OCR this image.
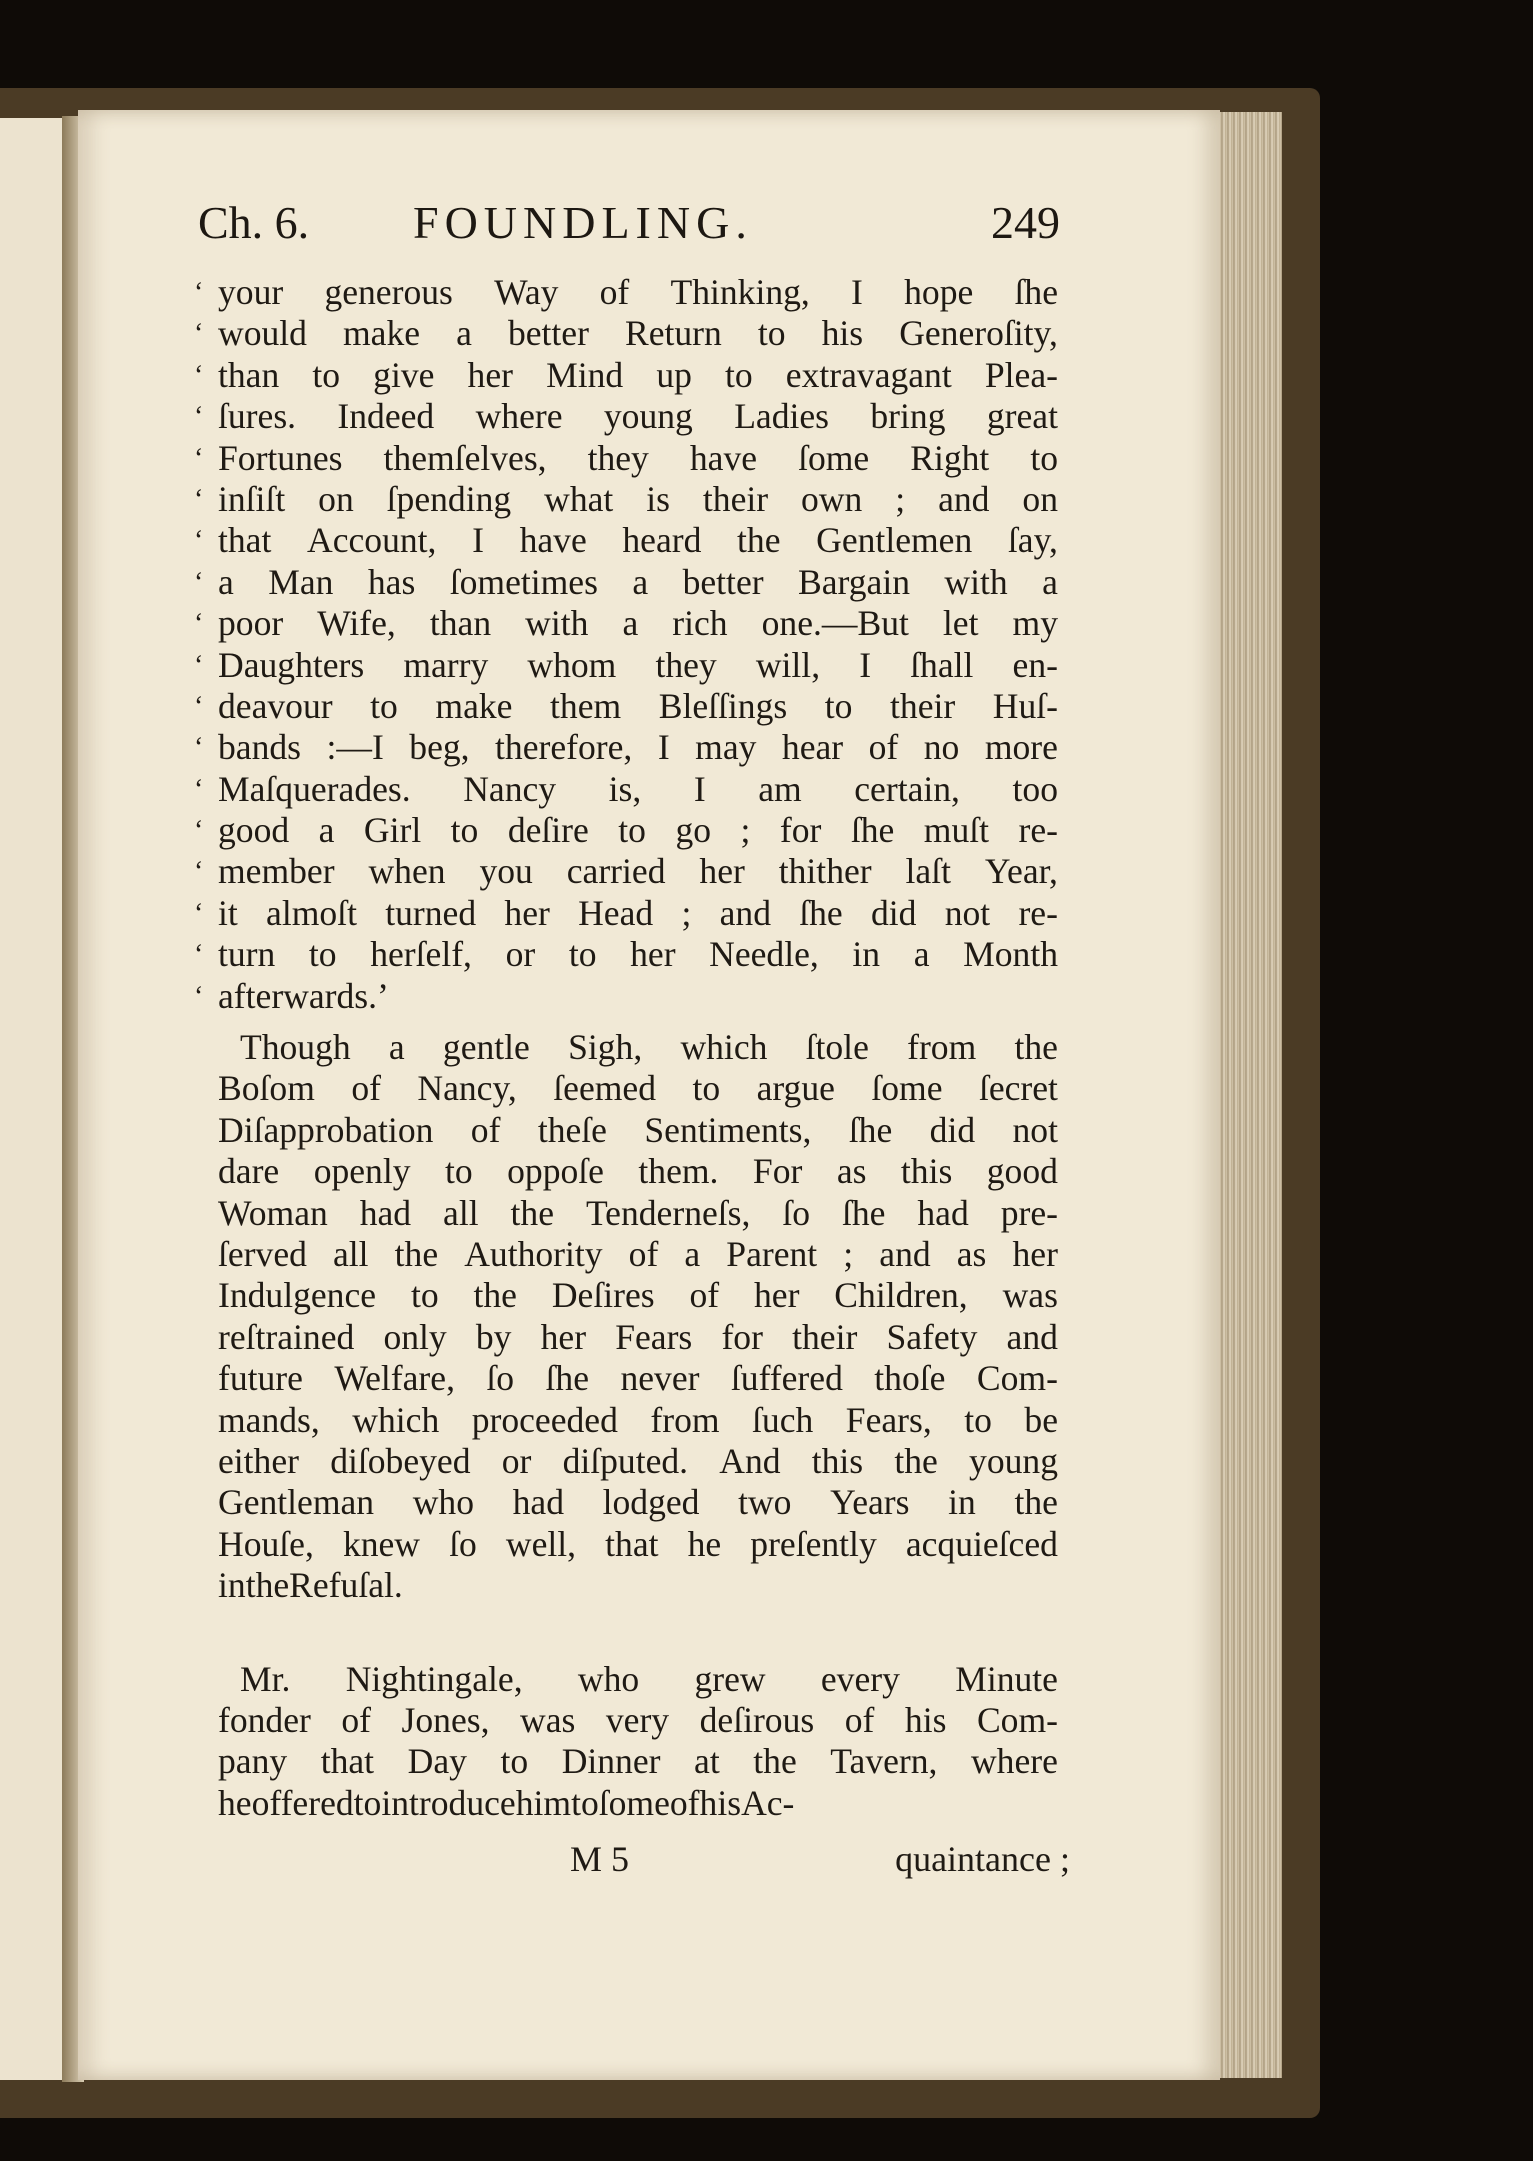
Ch. 6. FOUNDLING.	249
‘ your generous Way of Thinking, I hope ſhe
‘ would make a better Return to his Generoſity,
‘ than to give her Mind up to extravagant Plea-
‘ ſures. Indeed where young Ladies bring great
‘ Fortunes themſelves, they have ſome Right to
‘ inſiſt on ſpending what is their own ; and on
‘ that Account, I have heard the Gentlemen ſay,
‘ a Man has ſometimes a better Bargain with a
‘ poor Wife, than with a rich one.—But let my
‘ Daughters marry whom they will, I ſhall en-
‘ deavour to make them Bleſſings to their Huſ-
‘ bands :—I beg, therefore, I may hear of no more
‘ Maſquerades. Nancy is, I am certain, too
‘ good a Girl to deſire to go ; for ſhe muſt re-
‘ member when you carried her thither laſt Year,
‘ it almoſt turned her Head ; and ſhe did not re-
‘ turn to herſelf, or to her Needle, in a Month
‘ afterwards.’
Though a gentle Sigh, which ſtole from the
Boſom of Nancy, ſeemed to argue ſome ſecret
Diſapprobation of theſe Sentiments, ſhe did not
dare openly to oppoſe them. For as this good
Woman had all the Tenderneſs, ſo ſhe had pre-
ſerved all the Authority of a Parent ; and as her
Indulgence to the Deſires of her Children, was
reſtrained only by her Fears for their Safety and
future Welfare, ſo ſhe never ſuffered thoſe Com-
mands, which proceeded from ſuch Fears, to be
either diſobeyed or diſputed. And this the young
Gentleman who had lodged two Years in the
Houſe, knew ſo well, that he preſently acquieſced
in the Refuſal.
Mr. Nightingale, who grew every Minute
fonder of Jones, was very deſirous of his Com-
pany that Day to Dinner at the Tavern, where
he offered to introduce him to ſome of his Ac-
M 5	quaintance ;
